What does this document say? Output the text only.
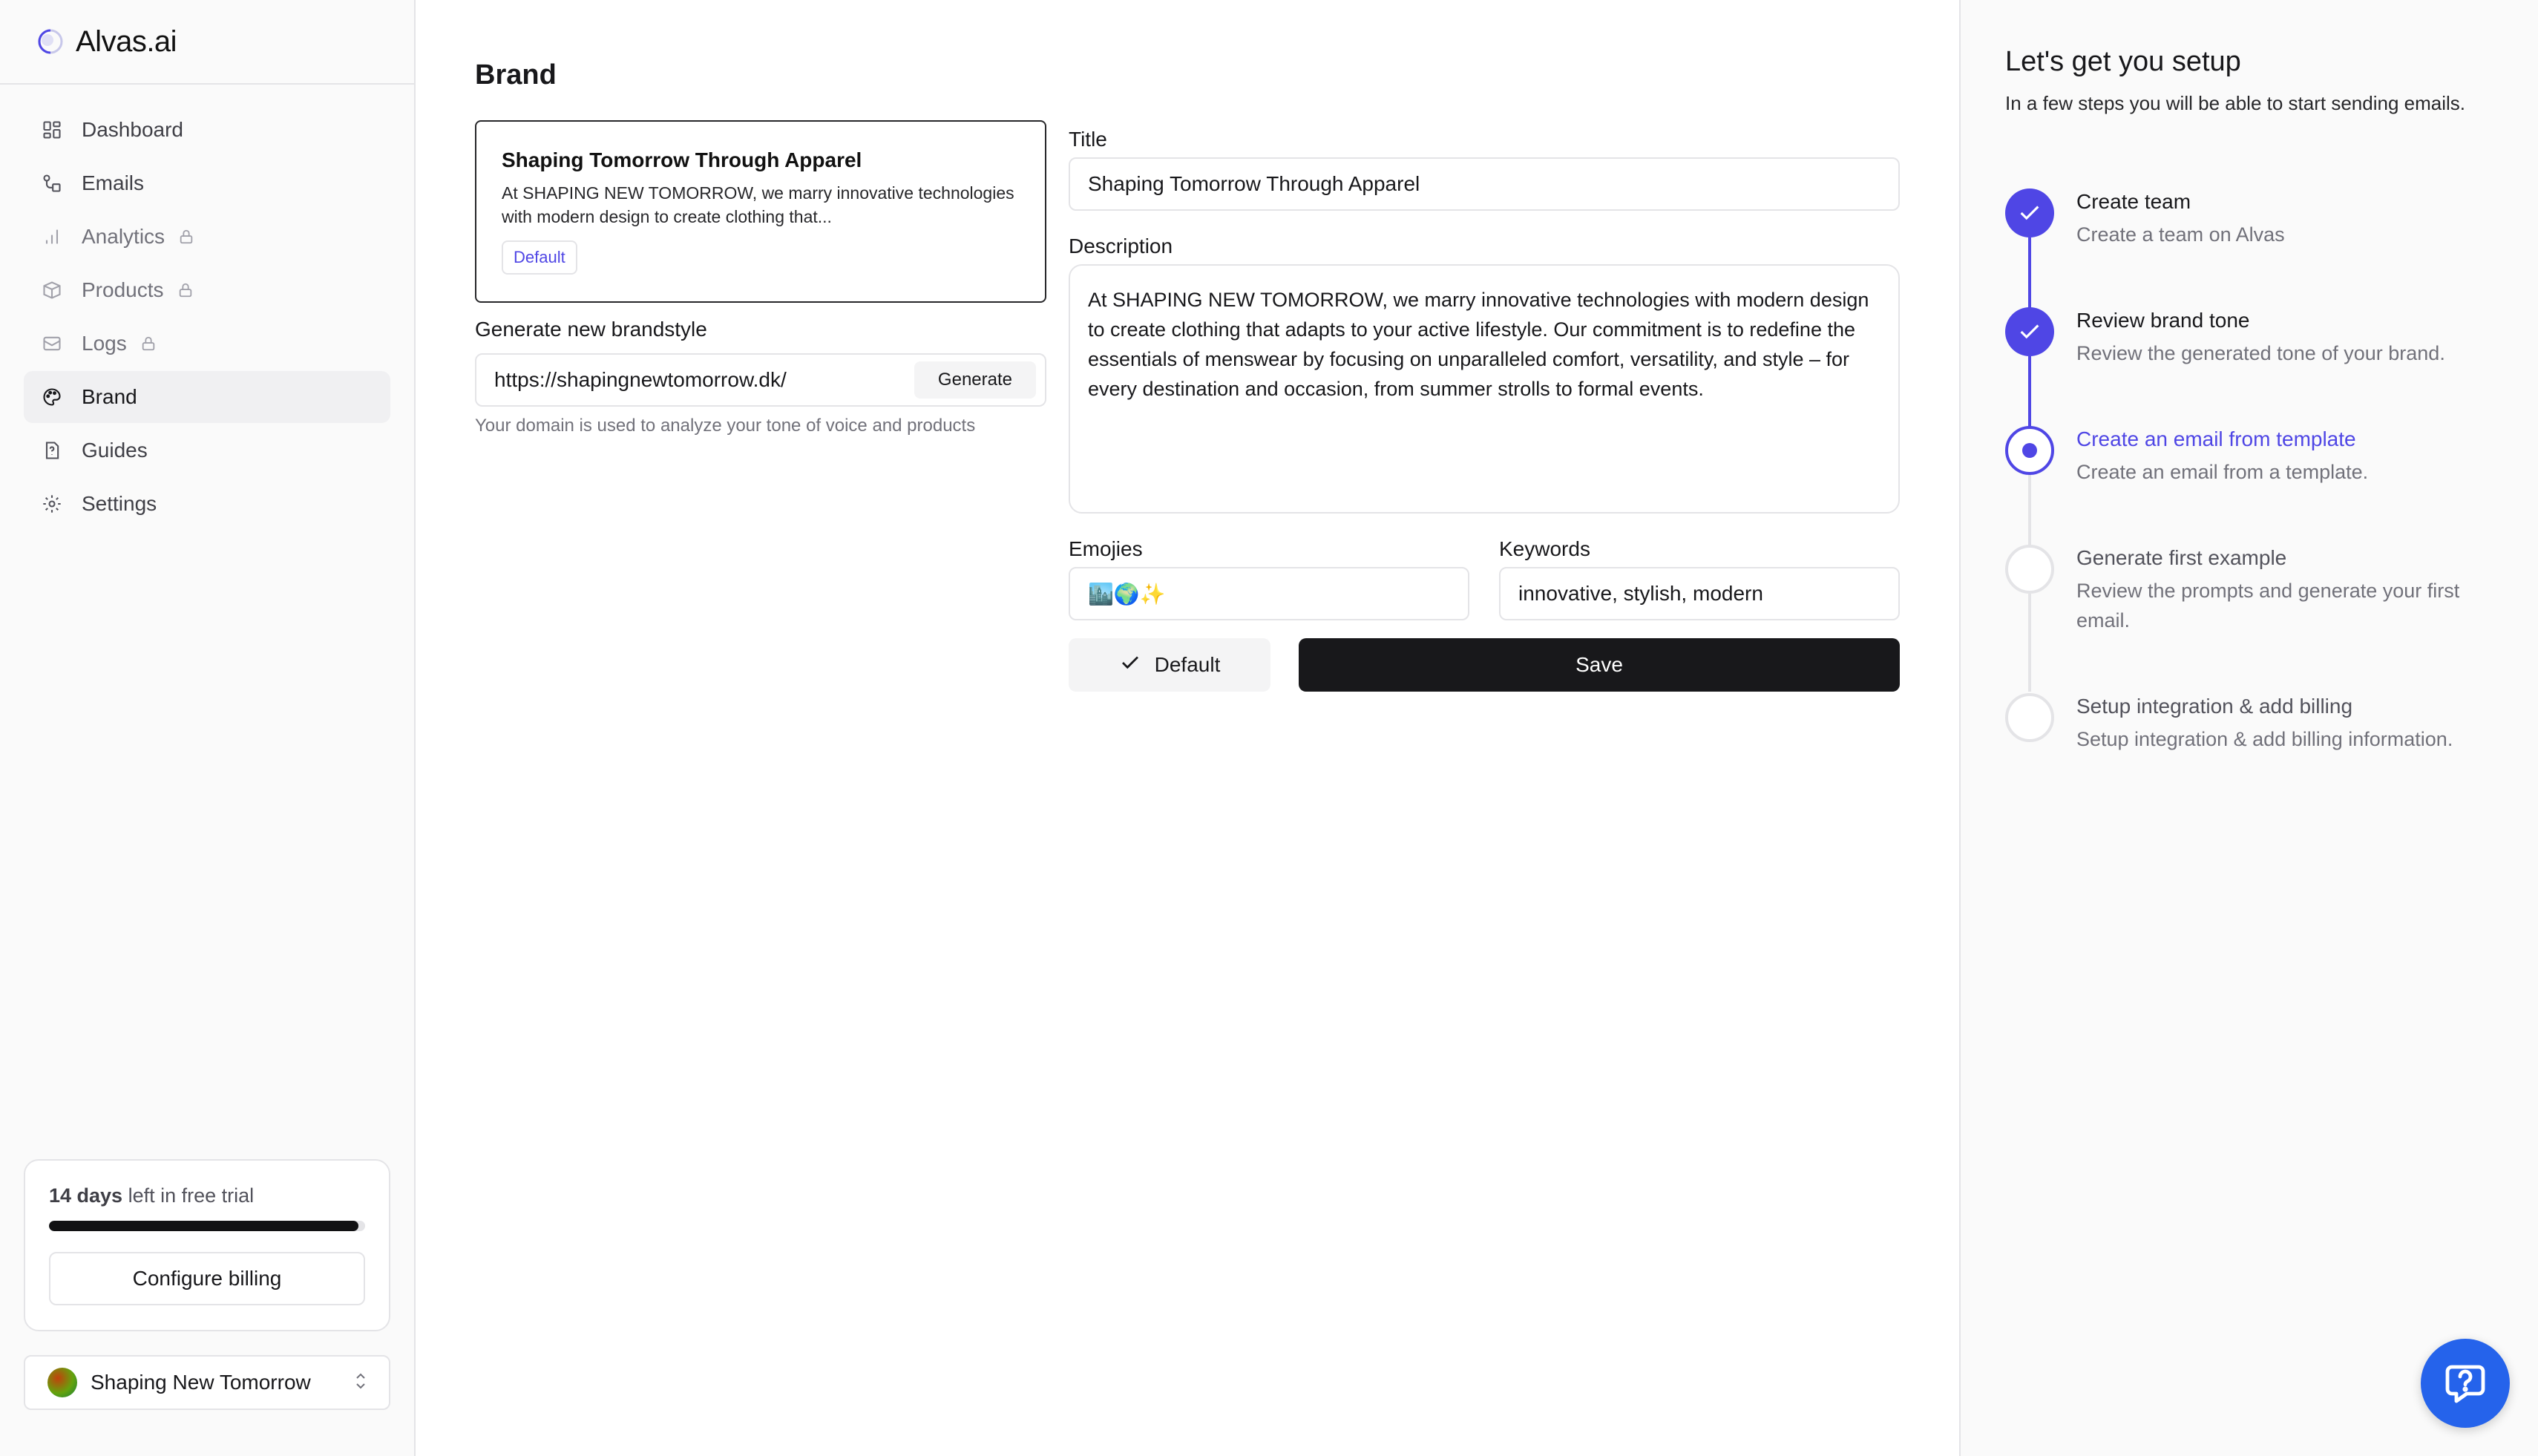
Alvas.ai
Dashboard
Emails
Analytics
Products
Logs
Brand
Guides
Settings
14 days left in free trial
Configure billing
Shaping New Tomorrow
Brand
Shaping Tomorrow Through Apparel
At SHAPING NEW TOMORROW, we marry innovative technologies with modern design to create clothing that...
Default
Generate new brandstyle
https://shapingnewtomorrow.dk/	Generate
Your domain is used to analyze your tone of voice and products
Title
Shaping Tomorrow Through Apparel
Description
At SHAPING NEW TOMORROW, we marry innovative technologies with modern design to create clothing that adapts to your active lifestyle. Our commitment is to redefine the essentials of menswear by focusing on unparalleled comfort, versatility, and style – for every destination and occasion, from summer strolls to formal events.
Emojies
🏙️🌍✨
Keywords
innovative, stylish, modern
Default	Save
Let's get you setup
In a few steps you will be able to start sending emails.
Create team
Create a team on Alvas
Review brand tone
Review the generated tone of your brand.
Create an email from template
Create an email from a template.
Generate first example
Review the prompts and generate your first email.
Setup integration & add billing
Setup integration & add billing information.
